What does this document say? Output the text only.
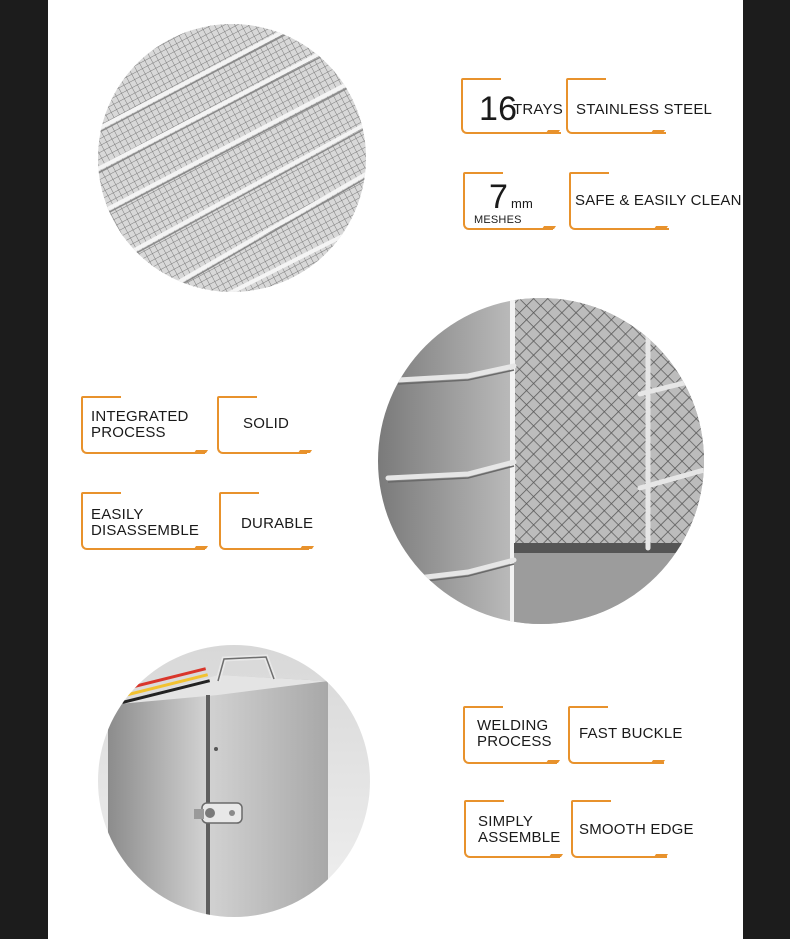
16
TRAYS STAINLESS STEEL
7 mm
MESHES
SAFE & EASILY CLEAN
INTEGRATED
PROCESS
SOLID
EASILY
DISASSEMBLE	DURABLE
WELDING
PROCESS FAST BUCKLE
SIMPLY
ASSEMBLE SMOOTH EDGE
